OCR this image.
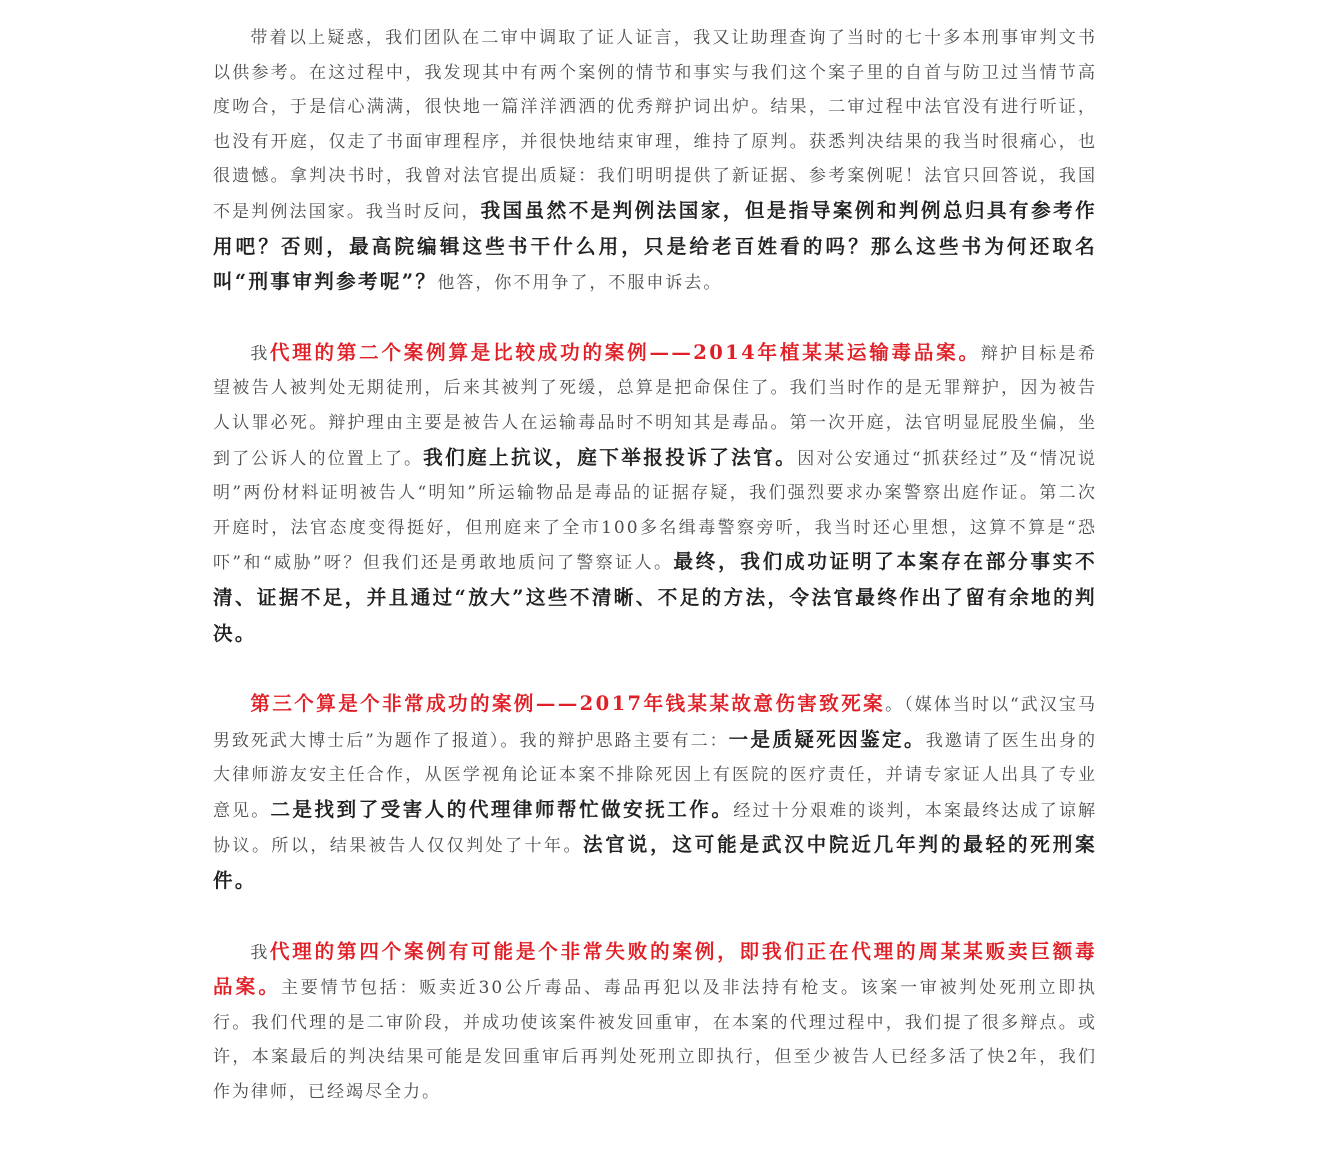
带着以上疑惑，我们团队在二审中调取了证人证言，我又让助理查询了当时的七十多本刑事审判文书以供参考。在这过程中，我发现其中有两个案例的情节和事实与我们这个案子里的自首与防卫过当情节高度吻合，于是信心满满，很快地一篇洋洋洒洒的优秀辩护词出炉。结果，二审过程中法官没有进行听证，也没有开庭，仅走了书面审理程序，并很快地结束审理，维持了原判。获悉判决结果的我当时很痛心，也很遗憾。拿判决书时，我曾对法官提出质疑：我们明明提供了新证据、参考案例呢！法官只回答说，我国不是判例法国家。我当时反问，我国虽然不是判例法国家，但是指导案例和判例总归具有参考作用吧？否则，最高院编辑这些书干什么用，只是给老百姓看的吗？那么这些书为何还取名叫“刑事审判参考呢”？他答，你不用争了，不服申诉去。

我代理的第二个案例算是比较成功的案例——2014年植某某运输毒品案。辩护目标是希望被告人被判处无期徒刑，后来其被判了死缓，总算是把命保住了。我们当时作的是无罪辩护，因为被告人认罪必死。辩护理由主要是被告人在运输毒品时不明知其是毒品。第一次开庭，法官明显屁股坐偏，坐到了公诉人的位置上了。我们庭上抗议，庭下举报投诉了法官。因对公安通过“抓获经过”及“情况说明”两份材料证明被告人“明知”所运输物品是毒品的证据存疑，我们强烈要求办案警察出庭作证。第二次开庭时，法官态度变得挺好，但刑庭来了全市100多名缉毒警察旁听，我当时还心里想，这算不算是“恐吓”和“威胁”呀？但我们还是勇敢地质问了警察证人。最终，我们成功证明了本案存在部分事实不清、证据不足，并且通过“放大”这些不清晰、不足的方法，令法官最终作出了留有余地的判决。

第三个算是个非常成功的案例——2017年钱某某故意伤害致死案。（媒体当时以“武汉宝马男致死武大博士后”为题作了报道）。我的辩护思路主要有二：一是质疑死因鉴定。我邀请了医生出身的大律师游友安主任合作，从医学视角论证本案不排除死因上有医院的医疗责任，并请专家证人出具了专业意见。二是找到了受害人的代理律师帮忙做安抚工作。经过十分艰难的谈判，本案最终达成了谅解协议。所以，结果被告人仅仅判处了十年。法官说，这可能是武汉中院近几年判的最轻的死刑案件。

我代理的第四个案例有可能是个非常失败的案例，即我们正在代理的周某某贩卖巨额毒品案。主要情节包括：贩卖近30公斤毒品、毒品再犯以及非法持有枪支。该案一审被判处死刑立即执行。我们代理的是二审阶段，并成功使该案件被发回重审，在本案的代理过程中，我们提了很多辩点。或许，本案最后的判决结果可能是发回重审后再判处死刑立即执行，但至少被告人已经多活了快2年，我们作为律师，已经竭尽全力。
